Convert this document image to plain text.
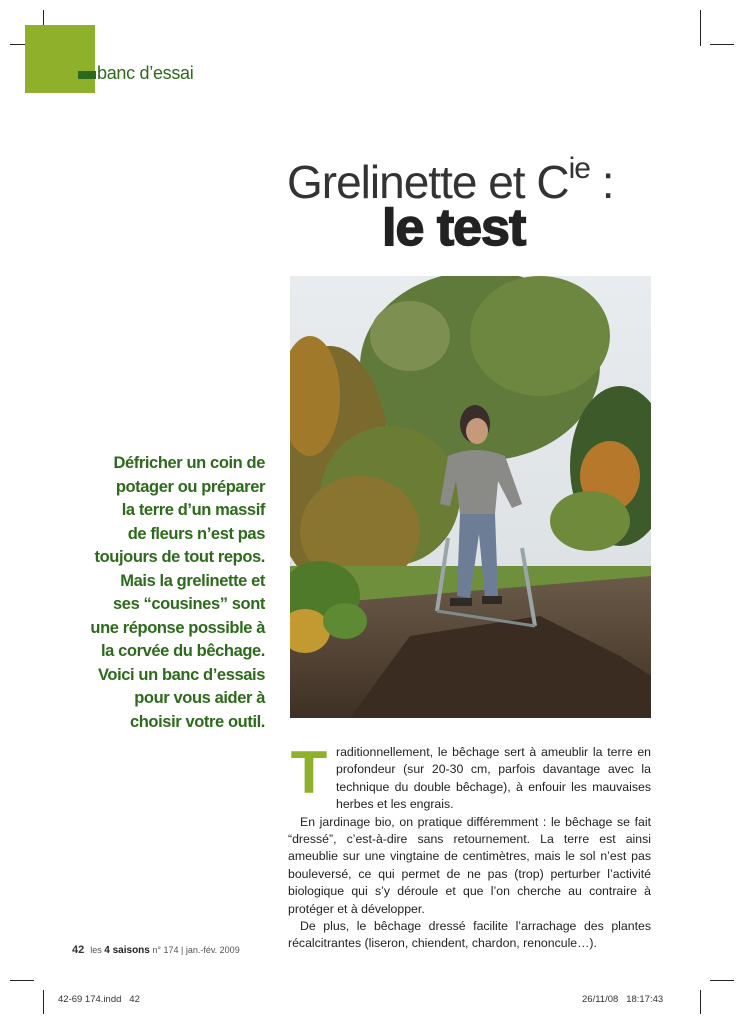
banc d’essai
Grelinette et $C^{ie}$ :
le test

Défricher un coin de

potager ou préparer

la terre d’un massif

de fleurs n’est pas

toujours de tout repos.

Mais la grelinette et

ses “cousines” sont

une réponse possible à

la corvée du bêchage.

Voici un banc d’essais

pour vous aider à

choisir votre outil.

T raditionnellement, le bêchage sert à ameublir la terre en profondeur (sur 20-30 cm, parfois davantage avec la technique du double bêchage), à enfouir les mauvaises herbes et les engrais.

En jardinage bio, on pratique différemment : le bêchage se fait “dressé”, c’est-à-dire sans retournement. La terre est ainsi ameublie sur une vingtaine de centimètres, mais le sol n’est pas bouleversé, ce qui permet de ne pas (trop) perturber l’activité biologique qui s’y déroule et que l’on cherche au contraire à protéger et à développer.

De plus, le bêchage dressé facilite l’arrachage des plantes récalcitrantes (liseron, chiendent, chardon, renoncule…).

42 les 4 saisons n° 174 | jan.-fév. 2009
42-69 174.indd   42	26/11/08   18:17:43
